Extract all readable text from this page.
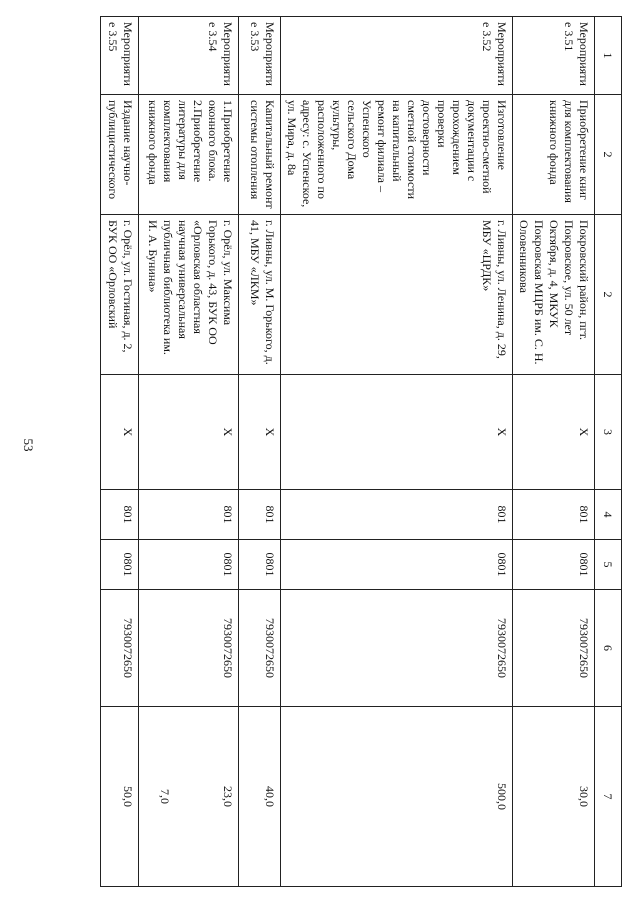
53
1	2	2	3	4	5	6	7
Мероприятие 3.51	Приобретение книг для комплектования книжного фонда	Покровский район, пгт. Покровское, ул. 50 лет Октября, д. 4, МКУК Покровская МЦРБ им. С. Н. Оловенникова	X	801	0801	7930072650	30,0

Мероприятие 3.52	Изготовление проектно-сметной документации с прохождением проверки достоверности сметной стоимости на капитальный ремонт филиала – Успенского сельского Дома культуры, расположенного по адресу: с. Успенское, ул. Мира, д. 8а	г. Ливны, ул. Ленина, д. 29, МБУ «ЦРДК»	X	801	0801	7930072650	500,0

Мероприятие 3.53	Капитальный ремонт системы отопления	г. Ливны, ул. М. Горького, д. 41, МБУ «ЛКМ»	X	801	0801	7930072650	40,0

Мероприятие 3.54	1.Приобретение оконного блока. 2.Приобретение литературы для комплектования книжного фонда	г. Орёл, ул. Максима Горького, д. 43, БУК ОО «Орловская областная научная универсальная публичная библиотека им. И. А. Бунина»	X	801	0801	7930072650	23,0
7,0

Мероприятие 3.55	Издание научно-публицистического	г. Орёл, ул. Гостиная, д. 2, БУК ОО «Орловский	X	801	0801	7930072650	50,0
